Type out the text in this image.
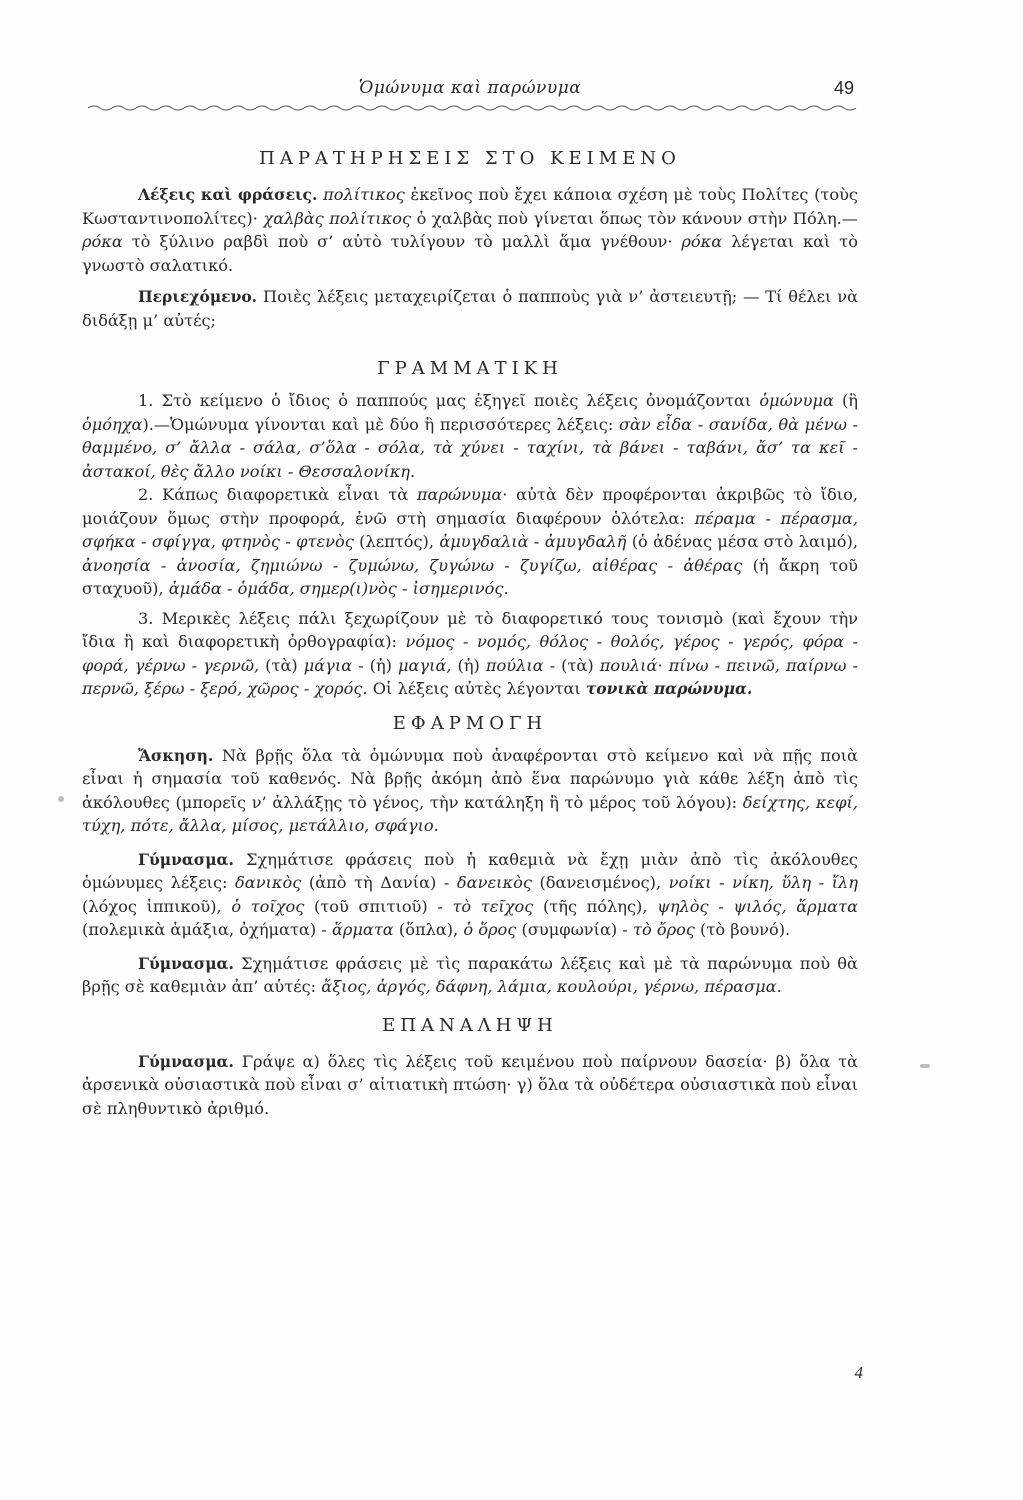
Ὁμώνυμα καὶ παρώνυμα	49
ΠΑΡΑΤΗΡΗΣΕΙΣ ΣΤΟ ΚΕΙΜΕΝΟ

Λέξεις καὶ φράσεις. πολίτικος ἐκεῖνος ποὺ ἔχει κάποια σχέση μὲ τοὺς Πολίτες (τοὺς Κωσταντινοπολίτες)· χαλβὰς πολίτικος ὁ χαλβὰς ποὺ γίνεται ὅπως τὸν κάνουν στὴν Πόλη.—ρόκα τὸ ξύλινο ραβδὶ ποὺ σ’ αὐτὸ τυλίγουν τὸ μαλλὶ ἅμα γνέθουν· ρόκα λέγεται καὶ τὸ γνωστὸ σαλατικό.

Περιεχόμενο. Ποιὲς λέξεις μεταχειρίζεται ὁ παπποὺς γιὰ ν’ ἀστειευτῇ; — Τί θέλει νὰ διδάξῃ μ’ αὐτές;

ΓΡΑΜΜΑΤΙΚΗ

1. Στὸ κείμενο ὁ ἴδιος ὁ παππούς μας ἐξηγεῖ ποιὲς λέξεις ὀνομάζονται ὁμώνυμα (ἢ ὁμόηχα).—Ὁμώνυμα γίνονται καὶ μὲ δύο ἢ περισσότερες λέξεις: σὰν εἶδα - σανίδα, θὰ μένω - θαμμένο, σ’ ἄλλα - σάλα, σ’ὅλα - σόλα, τὰ χύνει - ταχίνι, τὰ βάνει - ταβάνι, ἄσ’ τα κεῖ - ἀστακοί, θὲς ἄλλο νοίκι - Θεσσαλονίκη.

2. Κάπως διαφορετικὰ εἶναι τὰ παρώνυμα· αὐτὰ δὲν προφέρονται ἀκριβῶς τὸ ἴδιο, μοιάζουν ὅμως στὴν προφορά, ἐνῶ στὴ σημασία διαφέρουν ὁλότελα: πέραμα - πέρασμα, σφήκα - σφίγγα, φτηνὸς - φτενὸς (λεπτός), ἀμυγδαλιὰ - ἀμυγδαλῆ (ὁ ἀδένας μέσα στὸ λαιμό), ἀνοησία - ἀνοσία, ζημιώνω - ζυμώνω, ζυγώνω - ζυγίζω, αἰθέρας - ἀθέρας (ἡ ἄκρη τοῦ σταχυοῦ), ἁμάδα - ὁμάδα, σημερ(ι)νὸς - ἰσημερινός.

3. Μερικὲς λέξεις πάλι ξεχωρίζουν μὲ τὸ διαφορετικό τους τονισμὸ (καὶ ἔχουν τὴν ἴδια ἢ καὶ διαφορετικὴ ὀρθογραφία): νόμος - νομός, θόλος - θολός, γέρος - γερός, φόρα - φορά, γέρνω - γερνῶ, (τὰ) μάγια - (ἡ) μαγιά, (ἡ) πούλια - (τὰ) πουλιά· πίνω - πεινῶ, παίρνω - περνῶ, ξέρω - ξερό, χῶρος - χορός. Οἱ λέξεις αὐτὲς λέγονται τονικὰ παρώνυμα.

ΕΦΑΡΜΟΓΗ

Ἄσκηση. Νὰ βρῇς ὅλα τὰ ὁμώνυμα ποὺ ἀναφέρονται στὸ κείμενο καὶ νὰ πῇς ποιὰ εἶναι ἡ σημασία τοῦ καθενός. Νὰ βρῇς ἀκόμη ἀπὸ ἕνα παρώνυμο γιὰ κάθε λέξη ἀπὸ τὶς ἀκόλουθες (μπορεῖς ν’ ἀλλάξῃς τὸ γένος, τὴν κατάληξη ἢ τὸ μέρος τοῦ λόγου): δείχτης, κεφί, τύχη, πότε, ἄλλα, μίσος, μετάλλιο, σφάγιο.

Γύμνασμα. Σχημάτισε φράσεις ποὺ ἡ καθεμιὰ νὰ ἔχῃ μιὰν ἀπὸ τὶς ἀκόλουθες ὁμώνυμες λέξεις: δανικὸς (ἀπὸ τὴ Δανία) - δανεικὸς (δανεισμένος), νοίκι - νίκη, ὕλη - ἴλη (λόχος ἱππικοῦ), ὁ τοῖχος (τοῦ σπιτιοῦ) - τὸ τεῖχος (τῆς πόλης), ψηλὸς - ψιλός, ἅρματα (πολεμικὰ ἁμάξια, ὀχήματα) - ἅρματα (ὅπλα), ὁ ὅρος (συμφωνία) - τὸ ὄρος (τὸ βουνό).

Γύμνασμα. Σχημάτισε φράσεις μὲ τὶς παρακάτω λέξεις καὶ μὲ τὰ παρώνυμα ποὺ θὰ βρῇς σὲ καθεμιὰν ἀπ’ αὐτές: ἄξιος, ἀργός, δάφνη, λάμια, κουλούρι, γέρνω, πέρασμα.

ΕΠΑΝΑΛΗΨΗ

Γύμνασμα. Γράψε α) ὅλες τὶς λέξεις τοῦ κειμένου ποὺ παίρνουν δασεία· β) ὅλα τὰ ἀρσενικὰ οὐσιαστικὰ ποὺ εἶναι σ’ αἰτιατικὴ πτώση· γ) ὅλα τὰ οὐδέτερα οὐσιαστικὰ ποὺ εἶναι σὲ πληθυντικὸ ἀριθμό.

4
